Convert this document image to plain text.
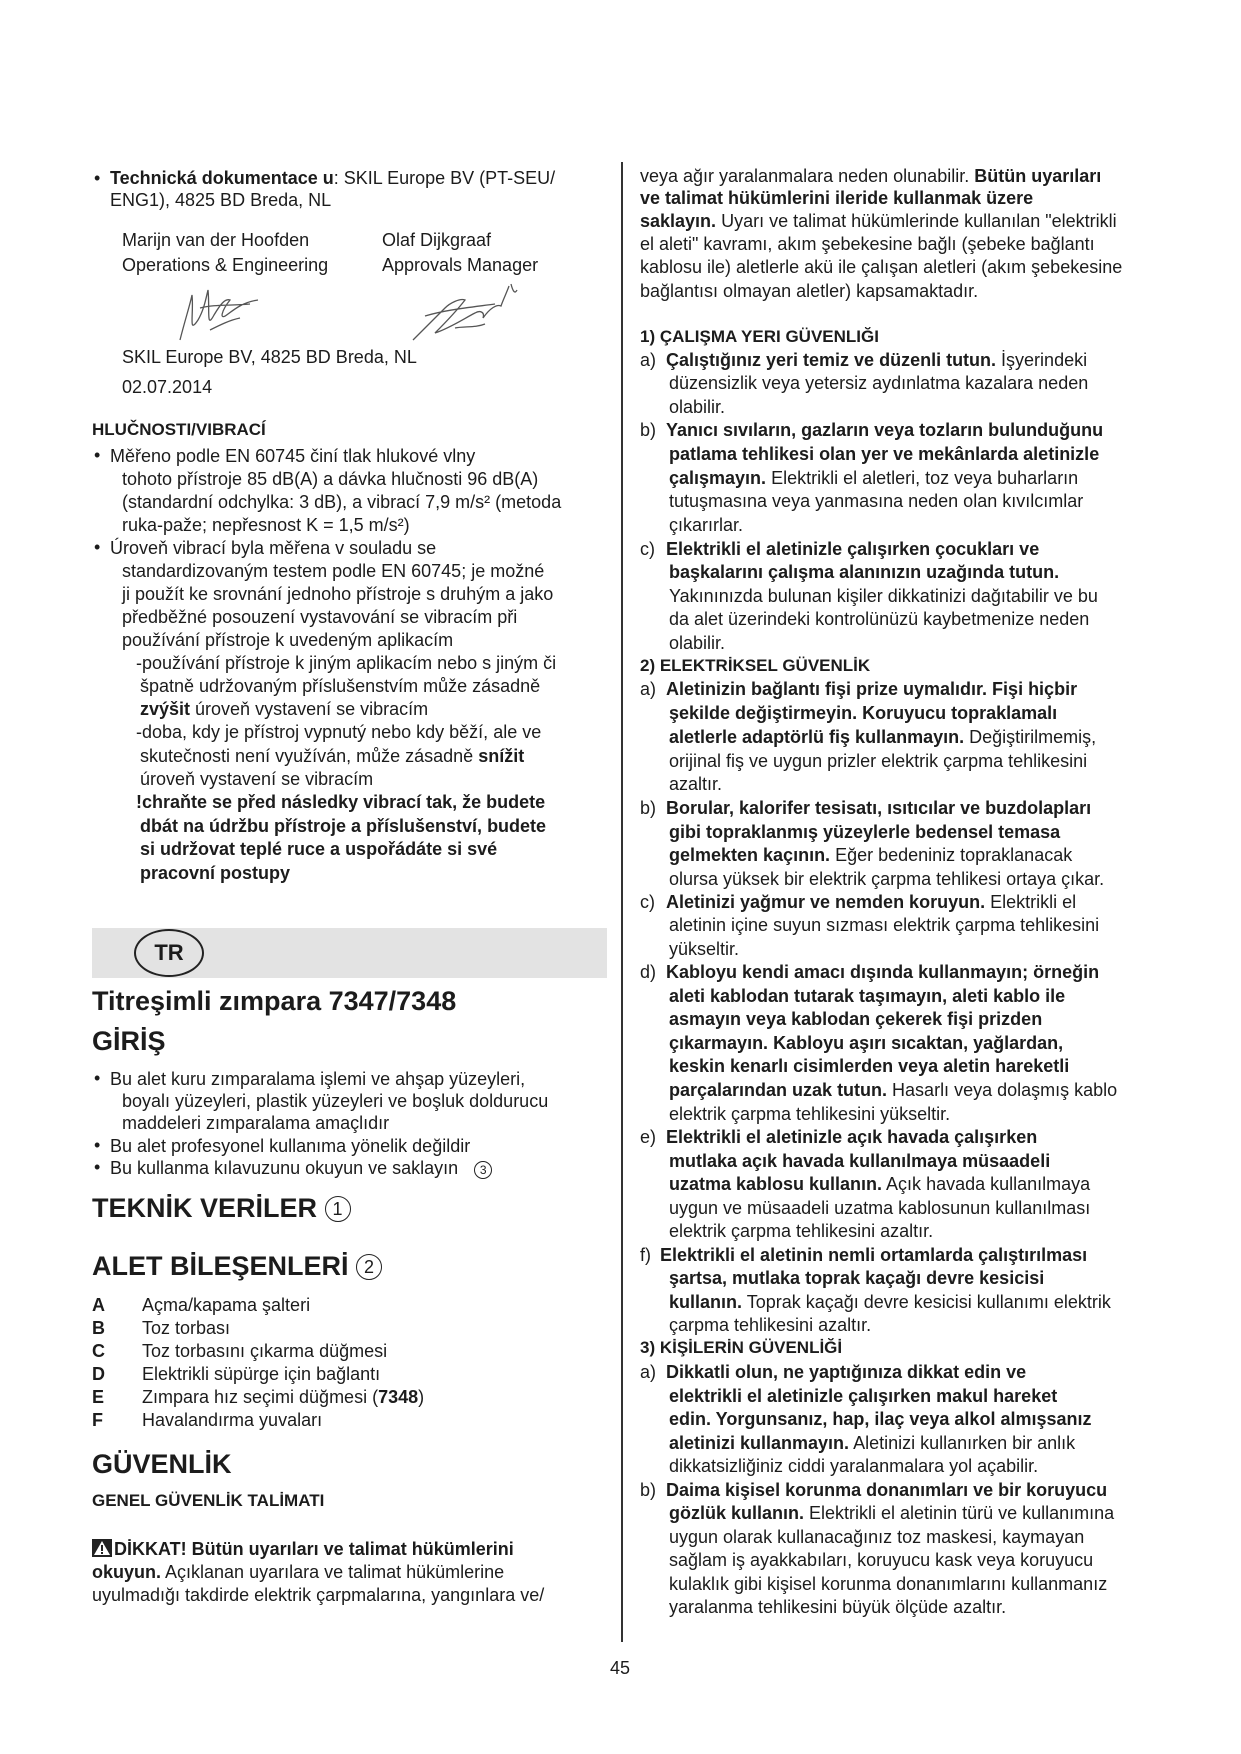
• Technická dokumentace u: SKIL Europe BV (PT-SEU/
ENG1), 4825 BD Breda, NL
Marijn van der Hoofden
Operations & Engineering
Olaf Dijkgraaf
Approvals Manager
SKIL Europe BV, 4825 BD Breda, NL
02.07.2014
HLUČNOSTI/VIBRACÍ
• Měřeno podle EN 60745 činí tlak hlukové vlny
tohoto přístroje 85 dB(A) a dávka hlučnosti 96 dB(A)
(standardní odchylka: 3 dB), a vibrací 7,9 m/s² (metoda
ruka-paže; nepřesnost K = 1,5 m/s²)
• Úroveň vibrací byla měřena v souladu se
standardizovaným testem podle EN 60745; je možné
ji použít ke srovnání jednoho přístroje s druhým a jako
předběžné posouzení vystavování se vibracím při
používání přístroje k uvedeným aplikacím
-používání přístroje k jiným aplikacím nebo s jiným či
špatně udržovaným příslušenstvím může zásadně
zvýšit úroveň vystavení se vibracím
-doba, kdy je přístroj vypnutý nebo kdy běží, ale ve
skutečnosti není využíván, může zásadně snížit
úroveň vystavení se vibracím
!chraňte se před následky vibrací tak, že budete
dbát na údržbu přístroje a příslušenství, budete
si udržovat teplé ruce a uspořádáte si své
pracovní postupy
TR
Titreşimli zımpara 7347/7348
GİRİŞ
• Bu alet kuru zımparalama işlemi ve ahşap yüzeyleri,
boyalı yüzeyleri, plastik yüzeyleri ve boşluk doldurucu
maddeleri zımparalama amaçlıdır
• Bu alet profesyonel kullanıma yönelik değildir
• Bu kullanma kılavuzunu okuyun ve saklayın 3
TEKNİK VERİLER 1
ALET BİLEŞENLERİ 2
A Açma/kapama şalteri
B Toz torbası
C Toz torbasını çıkarma düğmesi
D Elektrikli süpürge için bağlantı
E Zımpara hız seçimi düğmesi (7348)
F Havalandırma yuvaları
GÜVENLİK
GENEL GÜVENLİK TALİMATI
DİKKAT! Bütün uyarıları ve talimat hükümlerini
okuyun. Açıklanan uyarılara ve talimat hükümlerine
uyulmadığı takdirde elektrik çarpmalarına, yangınlara ve/
veya ağır yaralanmalara neden olunabilir. Bütün uyarıları
ve talimat hükümlerini ileride kullanmak üzere
saklayın. Uyarı ve talimat hükümlerinde kullanılan "elektrikli
el aleti" kavramı, akım şebekesine bağlı (şebeke bağlantı
kablosu ile) aletlerle akü ile çalışan aletleri (akım şebekesine
bağlantısı olmayan aletler) kapsamaktadır.
1) ÇALIŞMA YERI GÜVENLIĞI
a) Çalıştığınız yeri temiz ve düzenli tutun. İşyerindeki
düzensizlik veya yetersiz aydınlatma kazalara neden
olabilir.
b) Yanıcı sıvıların, gazların veya tozların bulunduğunu
patlama tehlikesi olan yer ve mekânlarda aletinizle
çalışmayın. Elektrikli el aletleri, toz veya buharların
tutuşmasına veya yanmasına neden olan kıvılcımlar
çıkarırlar.
c) Elektrikli el aletinizle çalışırken çocukları ve
başkalarını çalışma alanınızın uzağında tutun.
Yakınınızda bulunan kişiler dikkatinizi dağıtabilir ve bu
da alet üzerindeki kontrolünüzü kaybetmenize neden
olabilir.
2) ELEKTRİKSEL GÜVENLİK
a) Aletinizin bağlantı fişi prize uymalıdır. Fişi hiçbir
şekilde değiştirmeyin. Koruyucu topraklamalı
aletlerle adaptörlü fiş kullanmayın. Değiştirilmemiş,
orijinal fiş ve uygun prizler elektrik çarpma tehlikesini
azaltır.
b) Borular, kalorifer tesisatı, ısıtıcılar ve buzdolapları
gibi topraklanmış yüzeylerle bedensel temasa
gelmekten kaçının. Eğer bedeniniz topraklanacak
olursa yüksek bir elektrik çarpma tehlikesi ortaya çıkar.
c) Aletinizi yağmur ve nemden koruyun. Elektrikli el
aletinin içine suyun sızması elektrik çarpma tehlikesini
yükseltir.
d) Kabloyu kendi amacı dışında kullanmayın; örneğin
aleti kablodan tutarak taşımayın, aleti kablo ile
asmayın veya kablodan çekerek fişi prizden
çıkarmayın. Kabloyu aşırı sıcaktan, yağlardan,
keskin kenarlı cisimlerden veya aletin hareketli
parçalarından uzak tutun. Hasarlı veya dolaşmış kablo
elektrik çarpma tehlikesini yükseltir.
e) Elektrikli el aletinizle açık havada çalışırken
mutlaka açık havada kullanılmaya müsaadeli
uzatma kablosu kullanın. Açık havada kullanılmaya
uygun ve müsaadeli uzatma kablosunun kullanılması
elektrik çarpma tehlikesini azaltır.
f) Elektrikli el aletinin nemli ortamlarda çalıştırılması
şartsa, mutlaka toprak kaçağı devre kesicisi
kullanın. Toprak kaçağı devre kesicisi kullanımı elektrik
çarpma tehlikesini azaltır.
3) KİŞİLERİN GÜVENLİĞİ
a) Dikkatli olun, ne yaptığınıza dikkat edin ve
elektrikli el aletinizle çalışırken makul hareket
edin. Yorgunsanız, hap, ilaç veya alkol almışsanız
aletinizi kullanmayın. Aletinizi kullanırken bir anlık
dikkatsizliğiniz ciddi yaralanmalara yol açabilir.
b) Daima kişisel korunma donanımları ve bir koruyucu
gözlük kullanın. Elektrikli el aletinin türü ve kullanımına
uygun olarak kullanacağınız toz maskesi, kaymayan
sağlam iş ayakkabıları, koruyucu kask veya koruyucu
kulaklık gibi kişisel korunma donanımlarını kullanmanız
yaralanma tehlikesini büyük ölçüde azaltır.
45
